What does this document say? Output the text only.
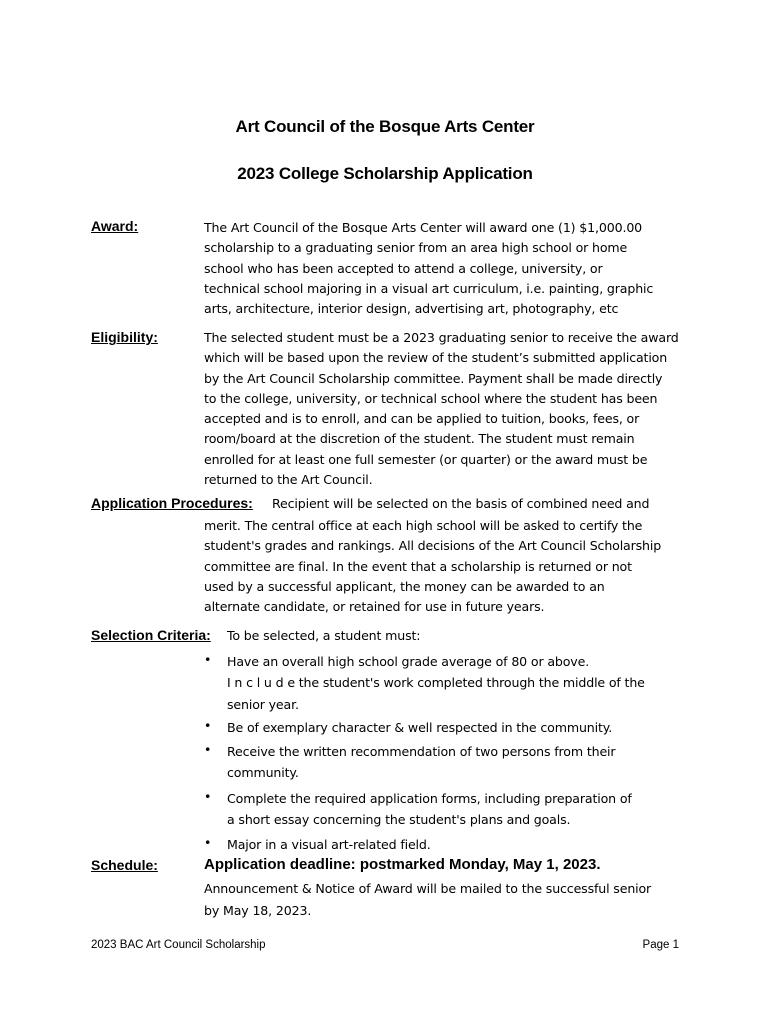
Art Council of the Bosque Arts Center
2023 College Scholarship Application
Award:	The Art Council of the Bosque Arts Center will award one (1) $1,000.00
scholarship to a graduating senior from an area high school or home
school who has been accepted to attend a college, university, or
technical school majoring in a visual art curriculum, i.e. painting, graphic
arts, architecture, interior design, advertising art, photography, etc
Eligibility:	The selected student must be a 2023 graduating senior to receive the award
which will be based upon the review of the student’s submitted application
by the Art Council Scholarship committee. Payment shall be made directly
to the college, university, or technical school where the student has been
accepted and is to enroll, and can be applied to tuition, books, fees, or
room/board at the discretion of the student. The student must remain
enrolled for at least one full semester (or quarter) or the award must be
returned to the Art Council.
Application Procedures: Recipient will be selected on the basis of combined need and
merit. The central office at each high school will be asked to certify the
student's grades and rankings. All decisions of the Art Council Scholarship
committee are final. In the event that a scholarship is returned or not
used by a successful applicant, the money can be awarded to an
alternate candidate, or retained for use in future years.
Selection Criteria: To be selected, a student must:
• Have an overall high school grade average of 80 or above.
I n c l u d e the student's work completed through the middle of the
senior year.
• Be of exemplary character & well respected in the community.
• Receive the written recommendation of two persons from their
community.
• Complete the required application forms, including preparation of
a short essay concerning the student's plans and goals.
• Major in a visual art-related field.
Schedule:	Application deadline: postmarked Monday, May 1, 2023.
Announcement & Notice of Award will be mailed to the successful senior
by May 18, 2023.
2023 BAC Art Council Scholarship	Page 1
